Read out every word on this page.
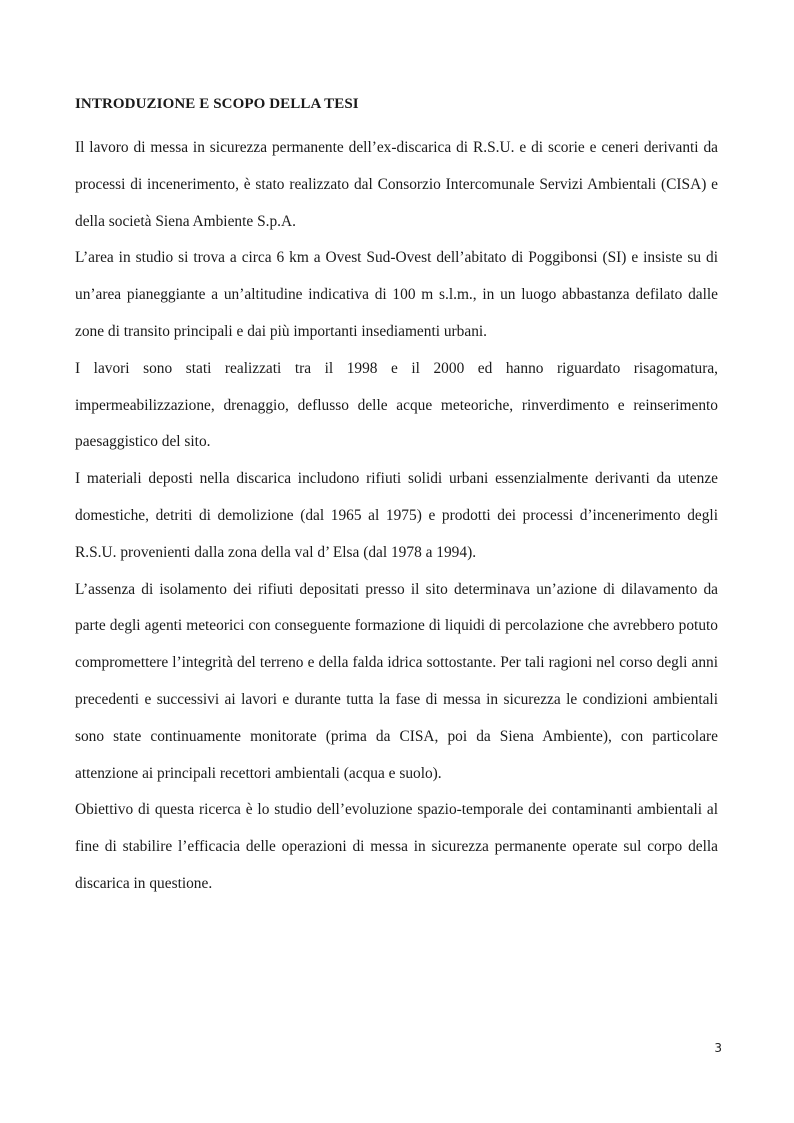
INTRODUZIONE E SCOPO DELLA TESI

Il lavoro di messa in sicurezza permanente dell’ex-discarica di R.S.U. e di scorie e ceneri derivanti da processi di incenerimento, è stato realizzato dal Consorzio Intercomunale Servizi Ambientali (CISA) e della società Siena Ambiente S.p.A.

L’area in studio si trova a circa 6 km a Ovest Sud-Ovest dell’abitato di Poggibonsi (SI) e insiste su di un’area pianeggiante a un’altitudine indicativa di 100 m s.l.m., in un luogo abbastanza defilato dalle zone di transito principali e dai più importanti insediamenti urbani.

I lavori sono stati realizzati tra il 1998 e il 2000 ed hanno riguardato risagomatura, impermeabilizzazione, drenaggio, deflusso delle acque meteoriche, rinverdimento e reinserimento paesaggistico del sito.

I materiali deposti nella discarica includono rifiuti solidi urbani essenzialmente derivanti da utenze domestiche, detriti di demolizione (dal 1965 al 1975) e prodotti dei processi d’incenerimento degli R.S.U. provenienti dalla zona della val d’ Elsa (dal 1978 a 1994).

L’assenza di isolamento dei rifiuti depositati presso il sito determinava un’azione di dilavamento da parte degli agenti meteorici con conseguente formazione di liquidi di percolazione che avrebbero potuto compromettere l’integrità del terreno e della falda idrica sottostante. Per tali ragioni nel corso degli anni precedenti e successivi ai lavori e durante tutta la fase di messa in sicurezza le condizioni ambientali sono state continuamente monitorate (prima da CISA, poi da Siena Ambiente), con particolare attenzione ai principali recettori ambientali (acqua e suolo).

Obiettivo di questa ricerca è lo studio dell’evoluzione spazio-temporale dei contaminanti ambientali al fine di stabilire l’efficacia delle operazioni di messa in sicurezza permanente operate sul corpo della discarica in questione.

3
